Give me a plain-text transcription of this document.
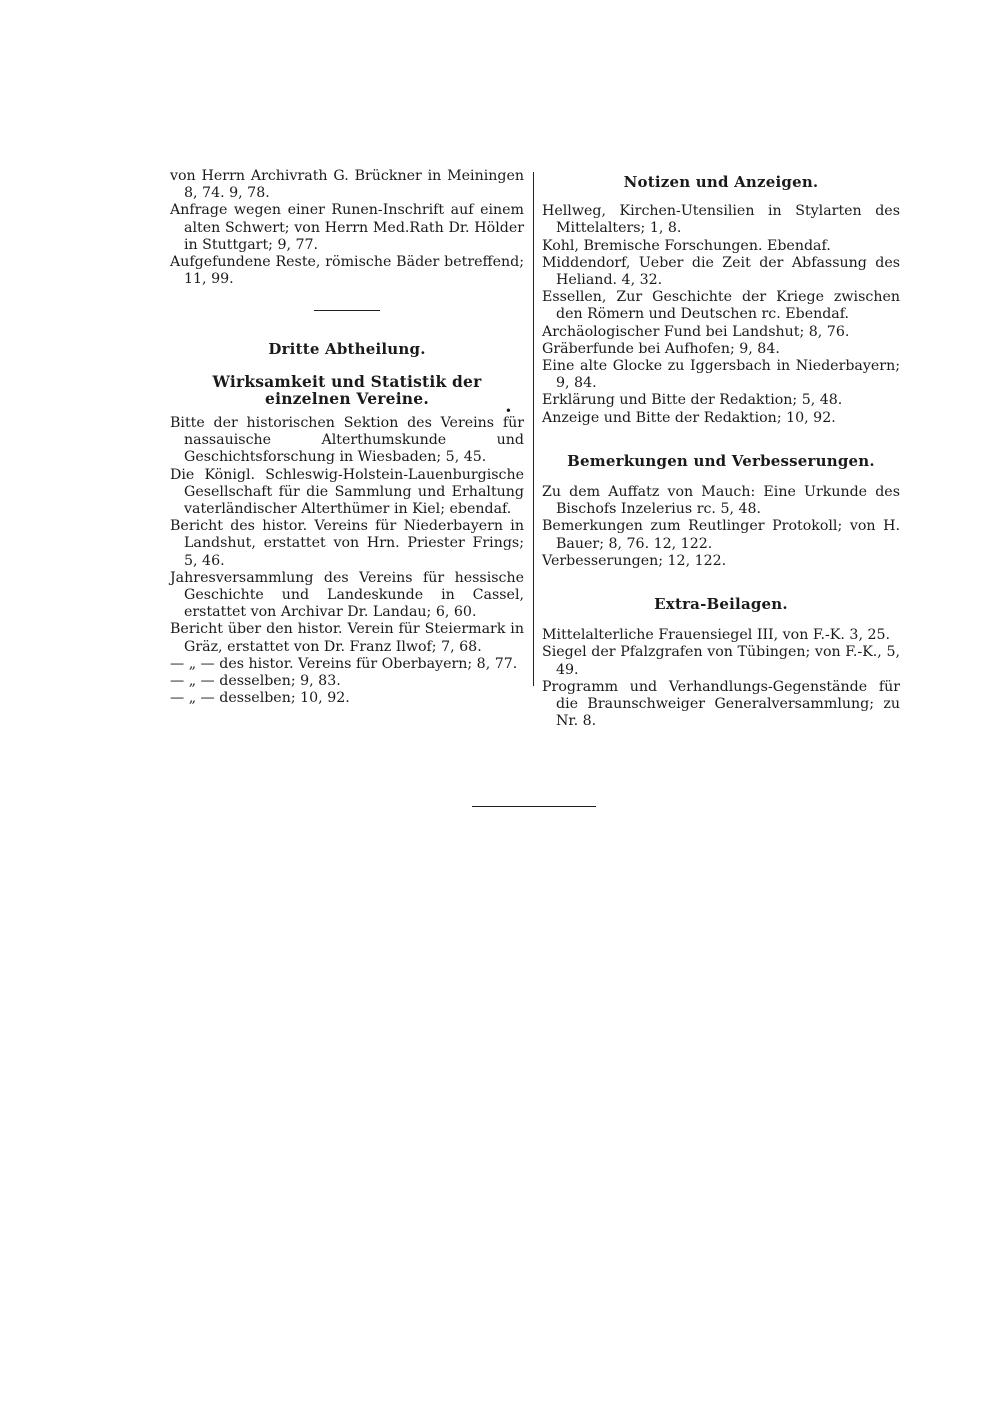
von Herrn Archivrath G. Brückner in Meiningen 8, 74. 9, 78.

Anfrage wegen einer Runen-Inschrift auf einem alten Schwert; von Herrn Med.Rath Dr. Hölder in Stuttgart; 9, 77.

Aufgefundene Reste, römische Bäder betreffend; 11, 99.

Dritte Abtheilung.

Wirksamkeit und Statistik der einzelnen Vereine.

•

Bitte der historischen Sektion des Vereins für nassauische Alterthumskunde und Geschichtsforschung in Wiesbaden; 5, 45.

Die Königl. Schleswig-Holstein-Lauenburgische Gesellschaft für die Sammlung und Erhaltung vaterländischer Alterthümer in Kiel; ebendaf.

Bericht des histor. Vereins für Niederbayern in Landshut, erstattet von Hrn. Priester Frings; 5, 46.

Jahresversammlung des Vereins für hessische Geschichte und Landeskunde in Cassel, erstattet von Archivar Dr. Landau; 6, 60.

Bericht über den histor. Verein für Steiermark in Gräz, erstattet von Dr. Franz Ilwof; 7, 68.

— „ — des histor. Vereins für Oberbayern; 8, 77.

— „ — desselben; 9, 83.

— „ — desselben; 10, 92.

Notizen und Anzeigen.

Hellweg, Kirchen-Utensilien in Stylarten des Mittelalters; 1, 8.

Kohl, Bremische Forschungen. Ebendaf.

Middendorf, Ueber die Zeit der Abfassung des Heliand. 4, 32.

Essellen, Zur Geschichte der Kriege zwischen den Römern und Deutschen rc. Ebendaf.

Archäologischer Fund bei Landshut; 8, 76.

Gräberfunde bei Aufhofen; 9, 84.

Eine alte Glocke zu Iggersbach in Niederbayern; 9, 84.

Erklärung und Bitte der Redaktion; 5, 48.

Anzeige und Bitte der Redaktion; 10, 92.

Bemerkungen und Verbesserungen.

Zu dem Auffatz von Mauch: Eine Urkunde des Bischofs Inzelerius rc. 5, 48.

Bemerkungen zum Reutlinger Protokoll; von H. Bauer; 8, 76. 12, 122.

Verbesserungen; 12, 122.

Extra-Beilagen.

Mittelalterliche Frauensiegel III, von F.-K. 3, 25.

Siegel der Pfalzgrafen von Tübingen; von F.-K., 5, 49.

Programm und Verhandlungs-Gegenstände für die Braunschweiger Generalversammlung; zu Nr. 8.
